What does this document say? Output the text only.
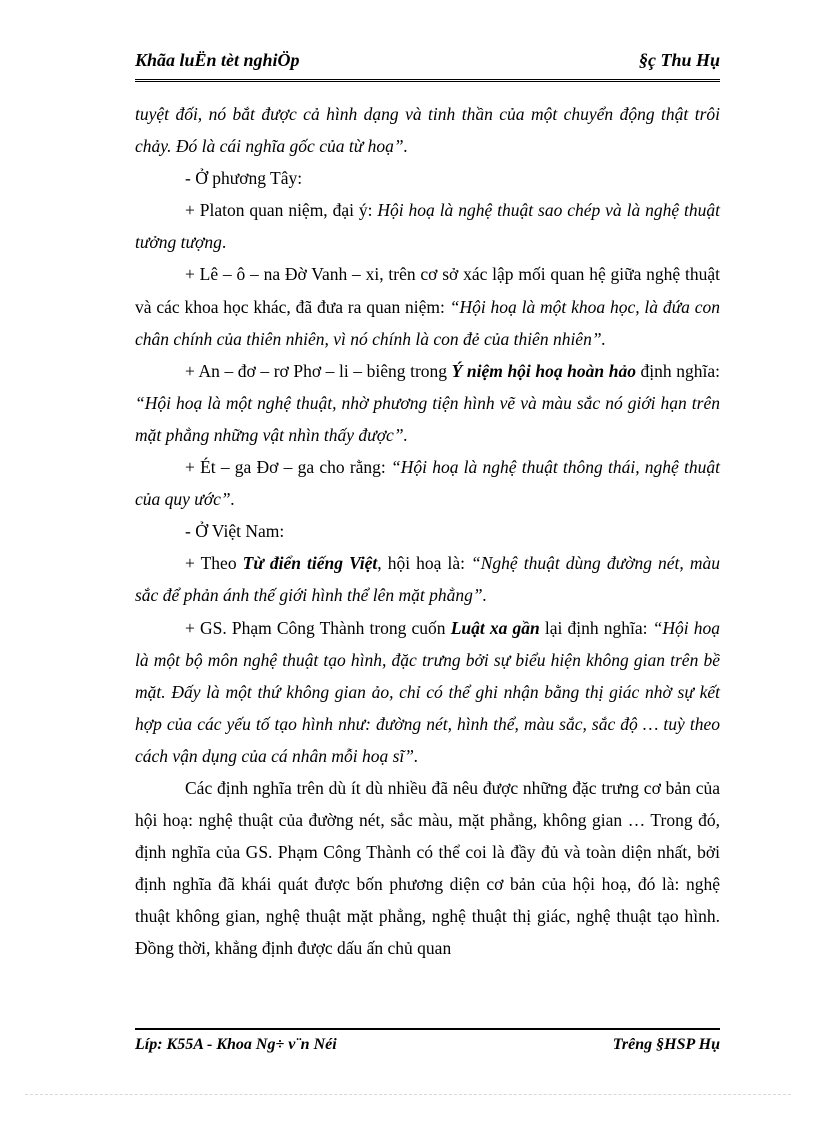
Khãa luËn tèt nghiÖp	§ç Thu Hụ

tuyệt đối, nó bắt được cả hình dạng và tinh thần của một chuyển động thật trôi chảy. Đó là cái nghĩa gốc của từ hoạ”.

- Ở phương Tây:

+ Platon quan niệm, đại ý: Hội hoạ là nghệ thuật sao chép và là nghệ thuật tưởng tượng.

+ Lê – ô – na Đờ Vanh – xi, trên cơ sở xác lập mối quan hệ giữa nghệ thuật và các khoa học khác, đã đưa ra quan niệm: “Hội hoạ là một khoa học, là đứa con chân chính của thiên nhiên, vì nó chính là con đẻ của thiên nhiên”.

+ An – đơ – rơ Phơ – li – biêng trong Ý niệm hội hoạ hoàn hảo định nghĩa: “Hội hoạ là một nghệ thuật, nhờ phương tiện hình vẽ và màu sắc nó giới hạn trên mặt phẳng những vật nhìn thấy được”.

+ Ét – ga Đơ – ga cho rằng: “Hội hoạ là nghệ thuật thông thái, nghệ thuật của quy ước”.

- Ở Việt Nam:

+ Theo Từ điển tiếng Việt, hội hoạ là: “Nghệ thuật dùng đường nét, màu sắc để phản ánh thế giới hình thể lên mặt phẳng”.

+ GS. Phạm Công Thành trong cuốn Luật xa gần lại định nghĩa: “Hội hoạ là một bộ môn nghệ thuật tạo hình, đặc trưng bởi sự biểu hiện không gian trên bề mặt. Đấy là một thứ không gian ảo, chỉ có thể ghi nhận bằng thị giác nhờ sự kết hợp của các yếu tố tạo hình như: đường nét, hình thể, màu sắc, sắc độ … tuỳ theo cách vận dụng của cá nhân mỗi hoạ sĩ”.

Các định nghĩa trên dù ít dù nhiều đã nêu được những đặc trưng cơ bản của hội hoạ: nghệ thuật của đường nét, sắc màu, mặt phẳng, không gian … Trong đó, định nghĩa của GS. Phạm Công Thành có thể coi là đầy đủ và toàn diện nhất, bởi định nghĩa đã khái quát được bốn phương diện cơ bản của hội hoạ, đó là: nghệ thuật không gian, nghệ thuật mặt phẳng, nghệ thuật thị giác, nghệ thuật tạo hình. Đồng thời, khẳng định được dấu ấn chủ quan

Líp: K55A - Khoa Ng÷ v¨n Néi	Trêng §HSP Hụ
